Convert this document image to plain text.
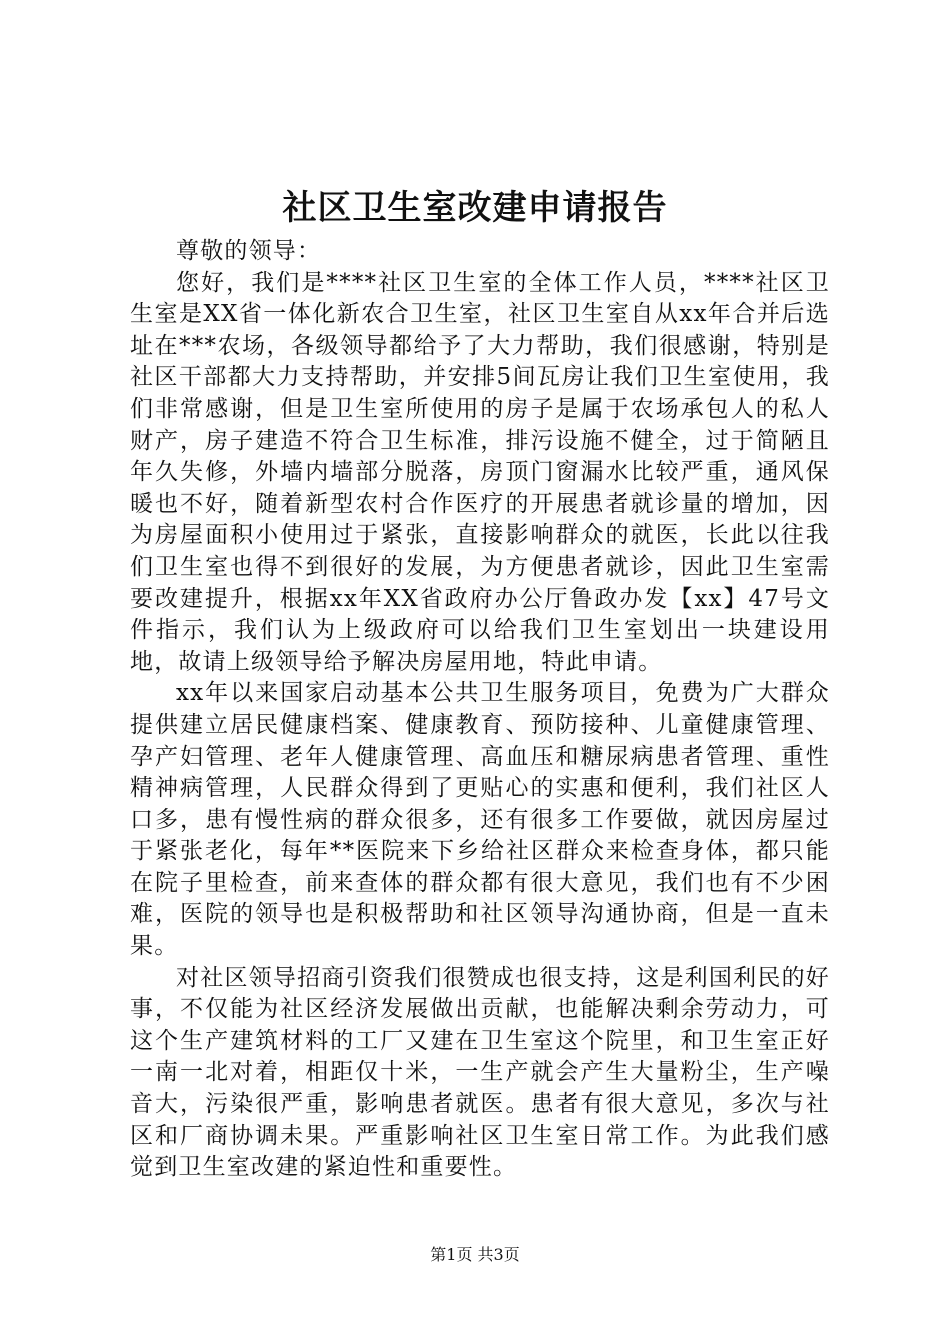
社区卫生室改建申请报告

尊敬的领导：

您好，我们是****社区卫生室的全体工作人员，****社区卫生室是XX省一体化新农合卫生室，社区卫生室自从xx年合并后选址在***农场，各级领导都给予了大力帮助，我们很感谢，特别是社区干部都大力支持帮助，并安排5间瓦房让我们卫生室使用，我们非常感谢，但是卫生室所使用的房子是属于农场承包人的私人财产，房子建造不符合卫生标准，排污设施不健全，过于简陋且年久失修，外墙内墙部分脱落，房顶门窗漏水比较严重，通风保暖也不好，随着新型农村合作医疗的开展患者就诊量的增加，因为房屋面积小使用过于紧张，直接影响群众的就医，长此以往我们卫生室也得不到很好的发展，为方便患者就诊，因此卫生室需要改建提升，根据xx年XX省政府办公厅鲁政办发【xx】47号文件指示，我们认为上级政府可以给我们卫生室划出一块建设用地，故请上级领导给予解决房屋用地，特此申请。

xx年以来国家启动基本公共卫生服务项目，免费为广大群众提供建立居民健康档案、健康教育、预防接种、儿童健康管理、孕产妇管理、老年人健康管理、高血压和糖尿病患者管理、重性精神病管理，人民群众得到了更贴心的实惠和便利，我们社区人口多，患有慢性病的群众很多，还有很多工作要做，就因房屋过于紧张老化，每年**医院来下乡给社区群众来检查身体，都只能在院子里检查，前来查体的群众都有很大意见，我们也有不少困难，医院的领导也是积极帮助和社区领导沟通协商，但是一直未果。

对社区领导招商引资我们很赞成也很支持，这是利国利民的好事，不仅能为社区经济发展做出贡献，也能解决剩余劳动力，可这个生产建筑材料的工厂又建在卫生室这个院里，和卫生室正好一南一北对着，相距仅十米，一生产就会产生大量粉尘，生产噪音大，污染很严重，影响患者就医。患者有很大意见，多次与社区和厂商协调未果。严重影响社区卫生室日常工作。为此我们感觉到卫生室改建的紧迫性和重要性。

第1页 共3页
